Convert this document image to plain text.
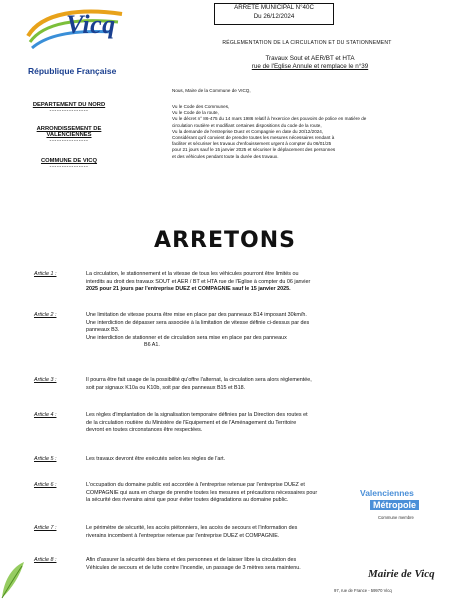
Vicq
République Française
ARRETE MUNICIPAL N°40C
Du 26/12/2024
RÉGLEMENTATION DE LA CIRCULATION ET DU STATIONNEMENT
Travaux Sout et AER/BT et HTA
rue de l'Eglise Annule et remplace le n°39
DEPARTEMENT DU NORD
----------------
ARRONDISSEMENT DE
VALENCIENNES
----------------
COMMUNE DE VICQ
----------------
Nous, Maire de la Commune de VICQ,
Vu le Code des Communes,
Vu le Code de la route,
Vu le décret n° 86-475 du 14 mars 1986 relatif à l'exercice des pouvoirs de police en matière de
circulation routière et modifiant certaines dispositions du code de la route,
Vu la demande de l'entreprise Duez et Compagnie en date du 20/12/2024,
Considérant qu'il convient de prendre toutes les mesures nécessaires rendant à
faciliter et sécuriser les travaux d'enfouissement urgent à compter du 06/01/25
pour 21 jours sauf le 15 janvier 2025 et sécuriser le déplacement des personnes
et des véhicules pendant toute la durée des travaux.
ARRETONS
Article 1 :	La circulation, le stationnement et la vitesse de tous les véhicules pourront être limités ou
interdits au droit des travaux SOUT et AER / BT et HTA rue de l'Eglise à compter du 06 janvier
2025 pour 21 jours par l'entreprise DUEZ et COMPAGNIE sauf le 15 janvier 2025.
Article 2 :	Une limitation de vitesse pourra être mise en place par des panneaux B14 imposant 30km/h.
Une interdiction de dépasser sera associée à la limitation de vitesse définie ci-dessus par des
panneaux B3.
Une interdiction de stationner et de circulation sera mise en place par des panneaux
B6 A1.
Article 3 :	Il pourra être fait usage de la possibilité qu'offre l'alternat, la circulation sera alors réglementée,
soit par signaux K10a ou K10b, soit par des panneaux B15 et B18.
Article 4 :	Les règles d'implantation de la signalisation temporaire définies par la Direction des routes et
de la circulation routière du Ministère de l'Equipement et de l'Aménagement du Territoire
devront en toutes circonstances être respectées.
Article 5 :	Les travaux devront être exécutés selon les règles de l'art.
Article 6 :	L'occupation du domaine public est accordée à l'entreprise retenue par l'entreprise DUEZ et
COMPAGNIE qui aura en charge de prendre toutes les mesures et précautions nécessaires pour
la sécurité des riverains ainsi que pour éviter toutes dégradations au domaine public.
Article 7 :	Le périmètre de sécurité, les accès piétonniers, les accès de secours et l'information des
riverains incombent à l'entreprise retenue par l'entreprise DUEZ et COMPAGNIE.
Article 8 :	Afin d'assurer la sécurité des biens et des personnes et de laisser libre la circulation des
Véhicules de secours et de lutte contre l'incendie, un passage de 3 mètres sera maintenu.
Valenciennes
Métropole
Commune membre
Mairie de Vicq
97, rue de France - 59970 Vicq
